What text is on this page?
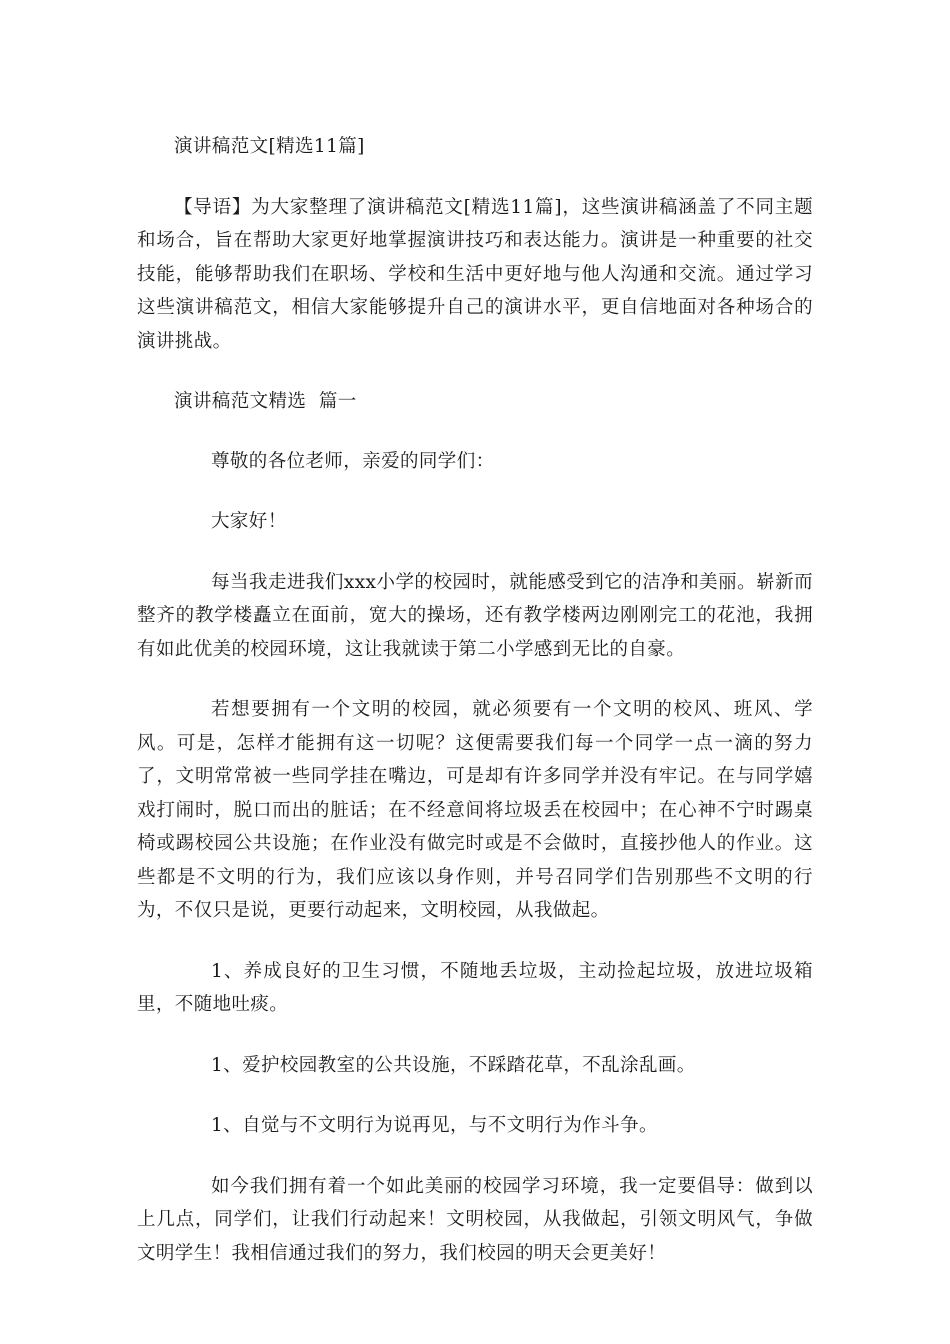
演讲稿范文[精选11篇]

【导语】为大家整理了演讲稿范文[精选11篇]，这些演讲稿涵盖了不同主题和场合，旨在帮助大家更好地掌握演讲技巧和表达能力。演讲是一种重要的社交技能，能够帮助我们在职场、学校和生活中更好地与他人沟通和交流。通过学习这些演讲稿范文，相信大家能够提升自己的演讲水平，更自信地面对各种场合的演讲挑战。

演讲稿范文精选  篇一

尊敬的各位老师，亲爱的同学们：

大家好！

每当我走进我们xxx小学的校园时，就能感受到它的洁净和美丽。崭新而整齐的教学楼矗立在面前，宽大的操场，还有教学楼两边刚刚完工的花池，我拥有如此优美的校园环境，这让我就读于第二小学感到无比的自豪。

若想要拥有一个文明的校园，就必须要有一个文明的校风、班风、学风。可是，怎样才能拥有这一切呢？这便需要我们每一个同学一点一滴的努力了，文明常常被一些同学挂在嘴边，可是却有许多同学并没有牢记。在与同学嬉戏打闹时，脱口而出的脏话；在不经意间将垃圾丢在校园中；在心神不宁时踢桌椅或踢校园公共设施；在作业没有做完时或是不会做时，直接抄他人的作业。这些都是不文明的行为，我们应该以身作则，并号召同学们告别那些不文明的行为，不仅只是说，更要行动起来，文明校园，从我做起。

1、养成良好的卫生习惯，不随地丢垃圾，主动捡起垃圾，放进垃圾箱里，不随地吐痰。

1、爱护校园教室的公共设施，不踩踏花草，不乱涂乱画。

1、自觉与不文明行为说再见，与不文明行为作斗争。

如今我们拥有着一个如此美丽的校园学习环境，我一定要倡导：做到以上几点，同学们，让我们行动起来！文明校园，从我做起，引领文明风气，争做文明学生！我相信通过我们的努力，我们校园的明天会更美好！
